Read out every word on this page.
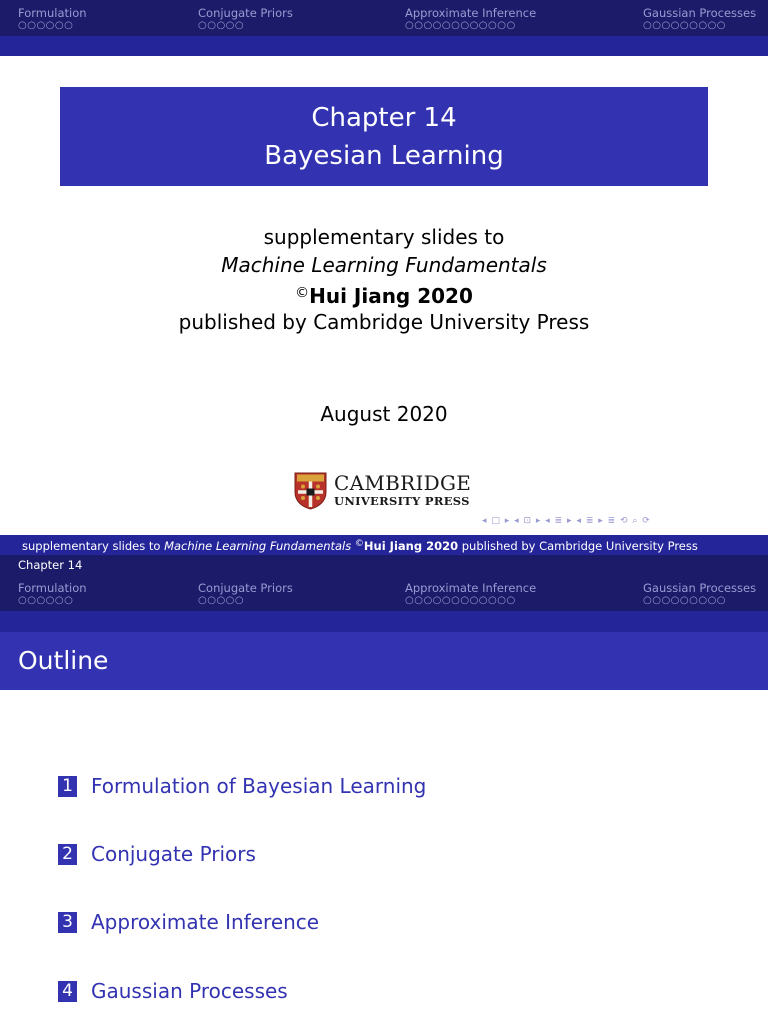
Formulation
○○○○○○
Conjugate Priors
○○○○○
Approximate Inference
○○○○○○○○○○○○
Gaussian Processes
○○○○○○○○○
Chapter 14
Bayesian Learning
supplementary slides to
Machine Learning Fundamentals
©Hui Jiang 2020
published by Cambridge University Press
August 2020
CAMBRIDGE
UNIVERSITY PRESS
◂ □ ▸ ◂ ⊡ ▸ ◂ ≣ ▸ ◂ ≣ ▸ ≣ ⟲ ⌕ ⟳
supplementary slides to Machine Learning Fundamentals ©Hui Jiang 2020 published by Cambridge University Press
Chapter 14
Formulation
○○○○○○
Conjugate Priors
○○○○○
Approximate Inference
○○○○○○○○○○○○
Gaussian Processes
○○○○○○○○○
Outline
1 Formulation of Bayesian Learning
2 Conjugate Priors
3 Approximate Inference
4 Gaussian Processes
